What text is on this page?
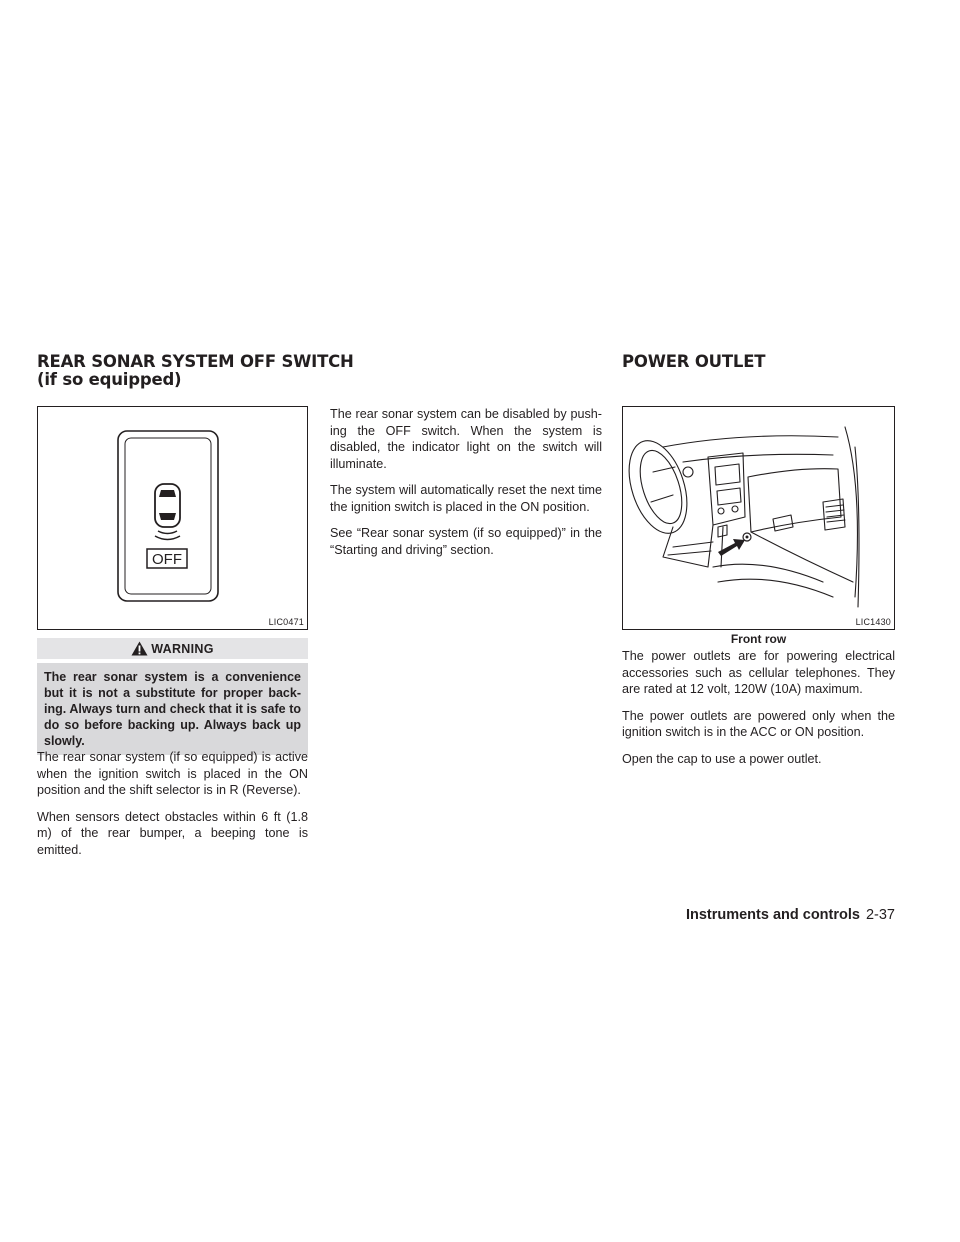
REAR SONAR SYSTEM OFF SWITCH
(if so equipped)
POWER OUTLET
OFF
LIC0471
WARNING
The rear sonar system is a convenience but it is not a substitute for proper back-ing. Always turn and check that it is safe to do so before backing up. Always back up slowly.

The rear sonar system (if so equipped) is active when the ignition switch is placed in the ON position and the shift selector is in R (Reverse).

When sensors detect obstacles within 6 ft (1.8 m) of the rear bumper, a beeping tone is emitted.

The rear sonar system can be disabled by push-ing the OFF switch. When the system is disabled, the indicator light on the switch will illuminate.

The system will automatically reset the next time the ignition switch is placed in the ON position.

See “Rear sonar system (if so equipped)” in the “Starting and driving” section.

LIC1430
Front row

The power outlets are for powering electrical accessories such as cellular telephones. They are rated at 12 volt, 120W (10A) maximum.

The power outlets are powered only when the ignition switch is in the ACC or ON position.

Open the cap to use a power outlet.

Instruments and controls 2-37
